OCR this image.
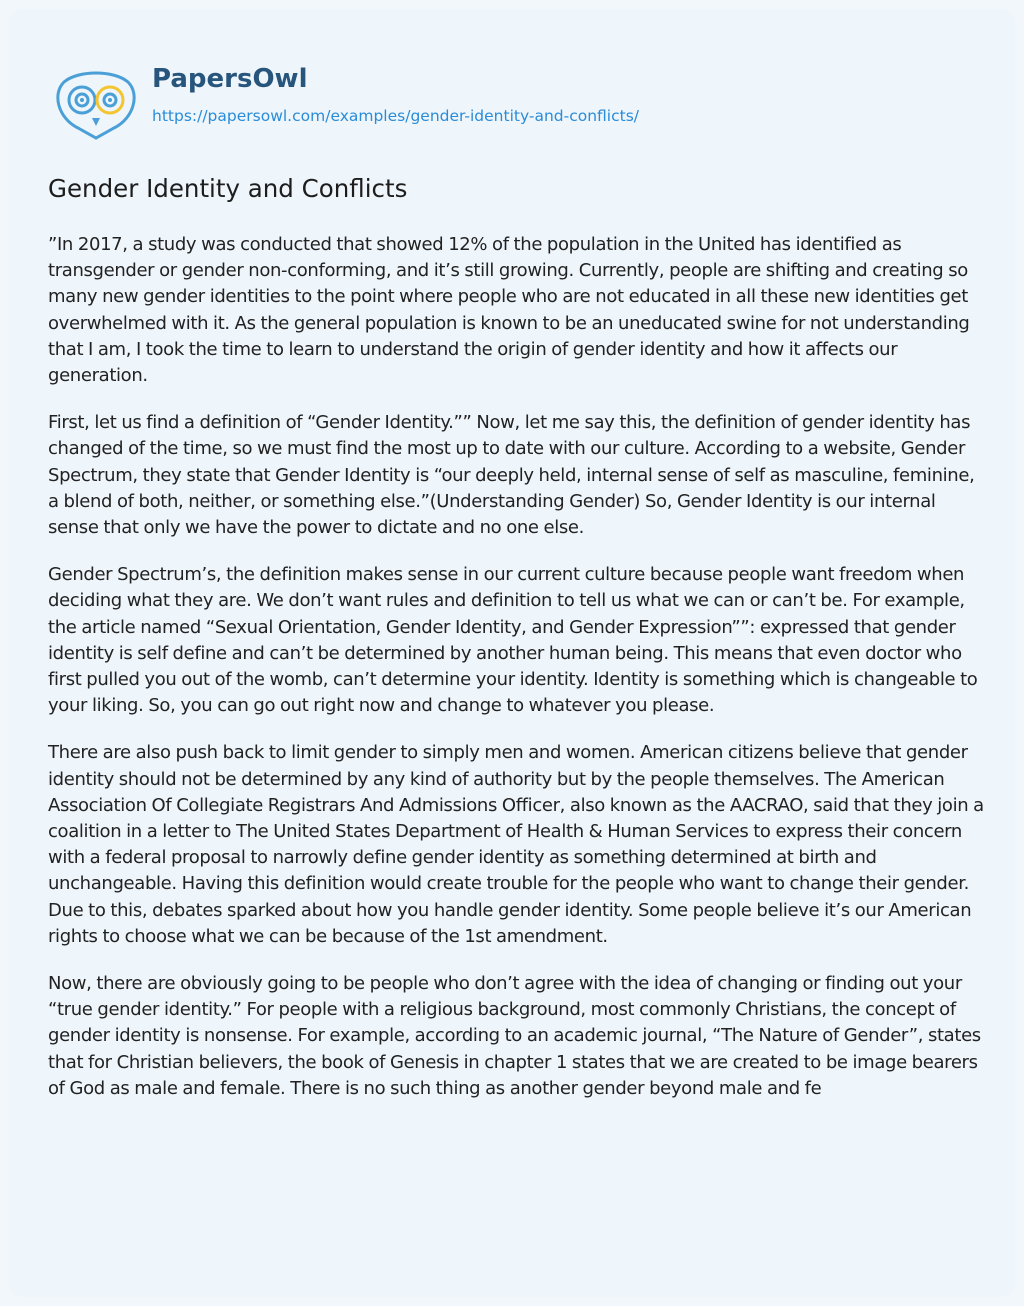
PapersOwl
https://papersowl.com/examples/gender-identity-and-conflicts/
Gender Identity and Conflicts

”In 2017, a study was conducted that showed 12% of the population in the United has identified as transgender or gender non-conforming, and it’s still growing. Currently, people are shifting and creating so many new gender identities to the point where people who are not educated in all these new identities get overwhelmed with it. As the general population is known to be an uneducated swine for not understanding that I am, I took the time to learn to understand the origin of gender identity and how it affects our generation.

First, let us find a definition of “Gender Identity.”” Now, let me say this, the definition of gender identity has changed of the time, so we must find the most up to date with our culture. According to a website, Gender Spectrum, they state that Gender Identity is “our deeply held, internal sense of self as masculine, feminine, a blend of both, neither, or something else.”(Understanding Gender) So, Gender Identity is our internal sense that only we have the power to dictate and no one else.

Gender Spectrum’s, the definition makes sense in our current culture because people want freedom when deciding what they are. We don’t want rules and definition to tell us what we can or can’t be. For example, the article named “Sexual Orientation, Gender Identity, and Gender Expression””: expressed that gender identity is self define and can’t be determined by another human being. This means that even doctor who first pulled you out of the womb, can’t determine your identity. Identity is something which is changeable to your liking. So, you can go out right now and change to whatever you please.

There are also push back to limit gender to simply men and women. American citizens believe that gender identity should not be determined by any kind of authority but by the people themselves. The American Association Of Collegiate Registrars And Admissions Officer, also known as the AACRAO, said that they join a coalition in a letter to The United States Department of Health & Human Services to express their concern with a federal proposal to narrowly define gender identity as something determined at birth and unchangeable. Having this definition would create trouble for the people who want to change their gender. Due to this, debates sparked about how you handle gender identity. Some people believe it’s our American rights to choose what we can be because of the 1st amendment.

Now, there are obviously going to be people who don’t agree with the idea of changing or finding out your “true gender identity.” For people with a religious background, most commonly Christians, the concept of gender identity is nonsense. For example, according to an academic journal, “The Nature of Gender”, states that for Christian believers, the book of Genesis in chapter 1 states that we are created to be image bearers of God as male and female. There is no such thing as another gender beyond male and fe
